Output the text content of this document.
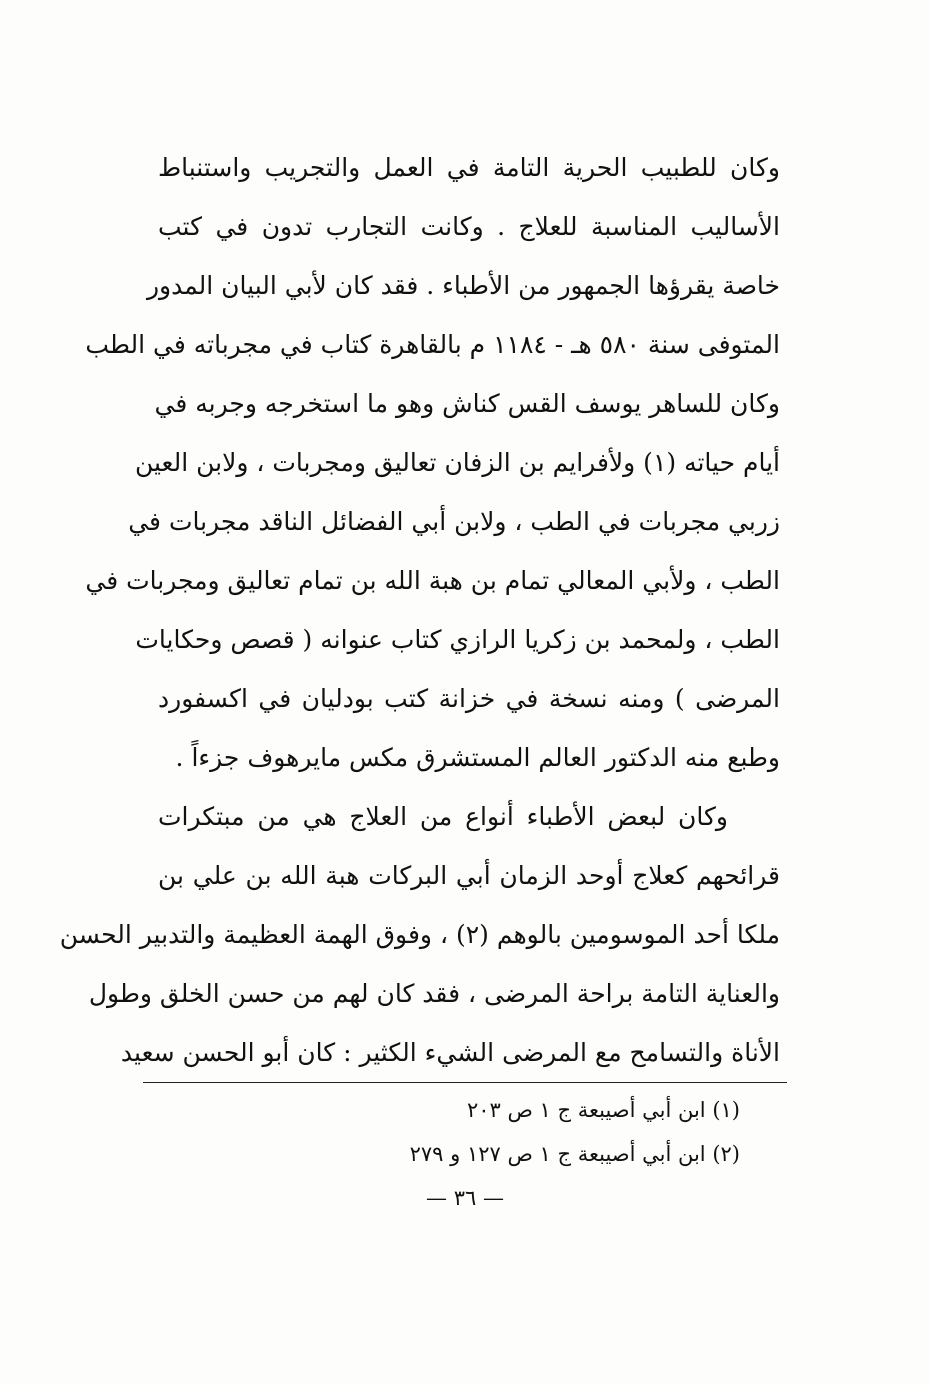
وكان للطبيب الحرية التامة في العمل والتجريب واستنباط
الأساليب المناسبة للعلاج . وكانت التجارب تدون في كتب
خاصة يقرؤها الجمهور من الأطباء . فقد كان لأبي البيان المدور
المتوفى سنة ٥٨٠ هـ - ١١٨٤ م بالقاهرة كتاب في مجرباته في الطب
وكان للساهر يوسف القس كناش وهو ما استخرجه وجربه في
أيام حياته (١) ولأفرايم بن الزفان تعاليق ومجربات ، ولابن العين
زربي مجربات في الطب ، ولابن أبي الفضائل الناقد مجربات في
الطب ، ولأبي المعالي تمام بن هبة الله بن تمام تعاليق ومجربات في
الطب ، ولمحمد بن زكريا الرازي كتاب عنوانه ( قصص وحكايات
المرضى ) ومنه نسخة في خزانة كتب بودليان في اكسفورد
وطبع منه الدكتور العالم المستشرق مكس مايرهوف جزءاً .
وكان لبعض الأطباء أنواع من العلاج هي من مبتكرات
قرائحهم كعلاج أوحد الزمان أبي البركات هبة الله بن علي بن
ملكا أحد الموسومين بالوهم (٢) ، وفوق الهمة العظيمة والتدبير الحسن
والعناية التامة براحة المرضى ، فقد كان لهم من حسن الخلق وطول
الأناة والتسامح مع المرضى الشيء الكثير : كان أبو الحسن سعيد
(١) ابن أبي أصيبعة ج ١ ص ٢٠٣
(٢) ابن أبي أصيبعة ج ١ ص ١٢٧ و ٢٧٩
— ٣٦ —
